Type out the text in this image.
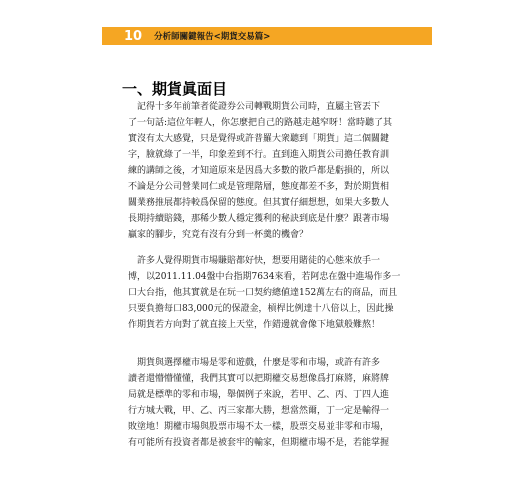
10 分析師關鍵報告<期貨交易篇>
一、期貨眞面目
　記得十多年前筆者從證券公司轉戰期貨公司時，直屬主管丟下
了一句話:這位年輕人，你怎麼把自己的路越走越窄呀！當時聽了其
實沒有太大感覺，只是覺得或許普羅大衆聽到「期貨」這二個關鍵
字，臉就綠了一半，印象差到不行。直到進入期貨公司擔任教育訓
練的講師之後，才知道原來是因爲大多數的散戶都是虧損的，所以
不論是分公司營業同仁或是管理階層，態度都差不多，對於期貨相
關業務推展都持較爲保留的態度。但其實仔細想想，如果大多數人
長期持續賠錢，那稀少數人穩定獲利的秘訣到底是什麼？跟著市場
贏家的腳步，究竟有沒有分到一杯羹的機會？
　許多人覺得期貨市場賺賠都好快，想要用賭徒的心態來放手一
博，以2011.11.04盤中台指期7634來看，若阿忠在盤中進場作多一
口大台指，他其實就是在玩一口契約總値達152萬左右的商品，而且
只要負擔每口83,000元的保證金，槓桿比例達十八倍以上，因此操
作期貨若方向對了就直接上天堂，作錯邊就會像下地獄般難熬！
　期貨與選擇權市場是零和遊戲，什麼是零和市場，或許有許多
讀者還懵懵懂懂，我們其實可以把期權交易想像爲打麻將，麻將牌
局就是標準的零和市場，舉個例子來說，若甲、乙、丙、丁四人進
行方城大戰，甲、乙、丙三家都大勝，想當然爾，丁一定是輸得一
敗塗地！期權市場與股票市場不太一樣，股票交易並非零和市場，
有可能所有投資者都是被套牢的輸家，但期權市場不是，若能掌握
